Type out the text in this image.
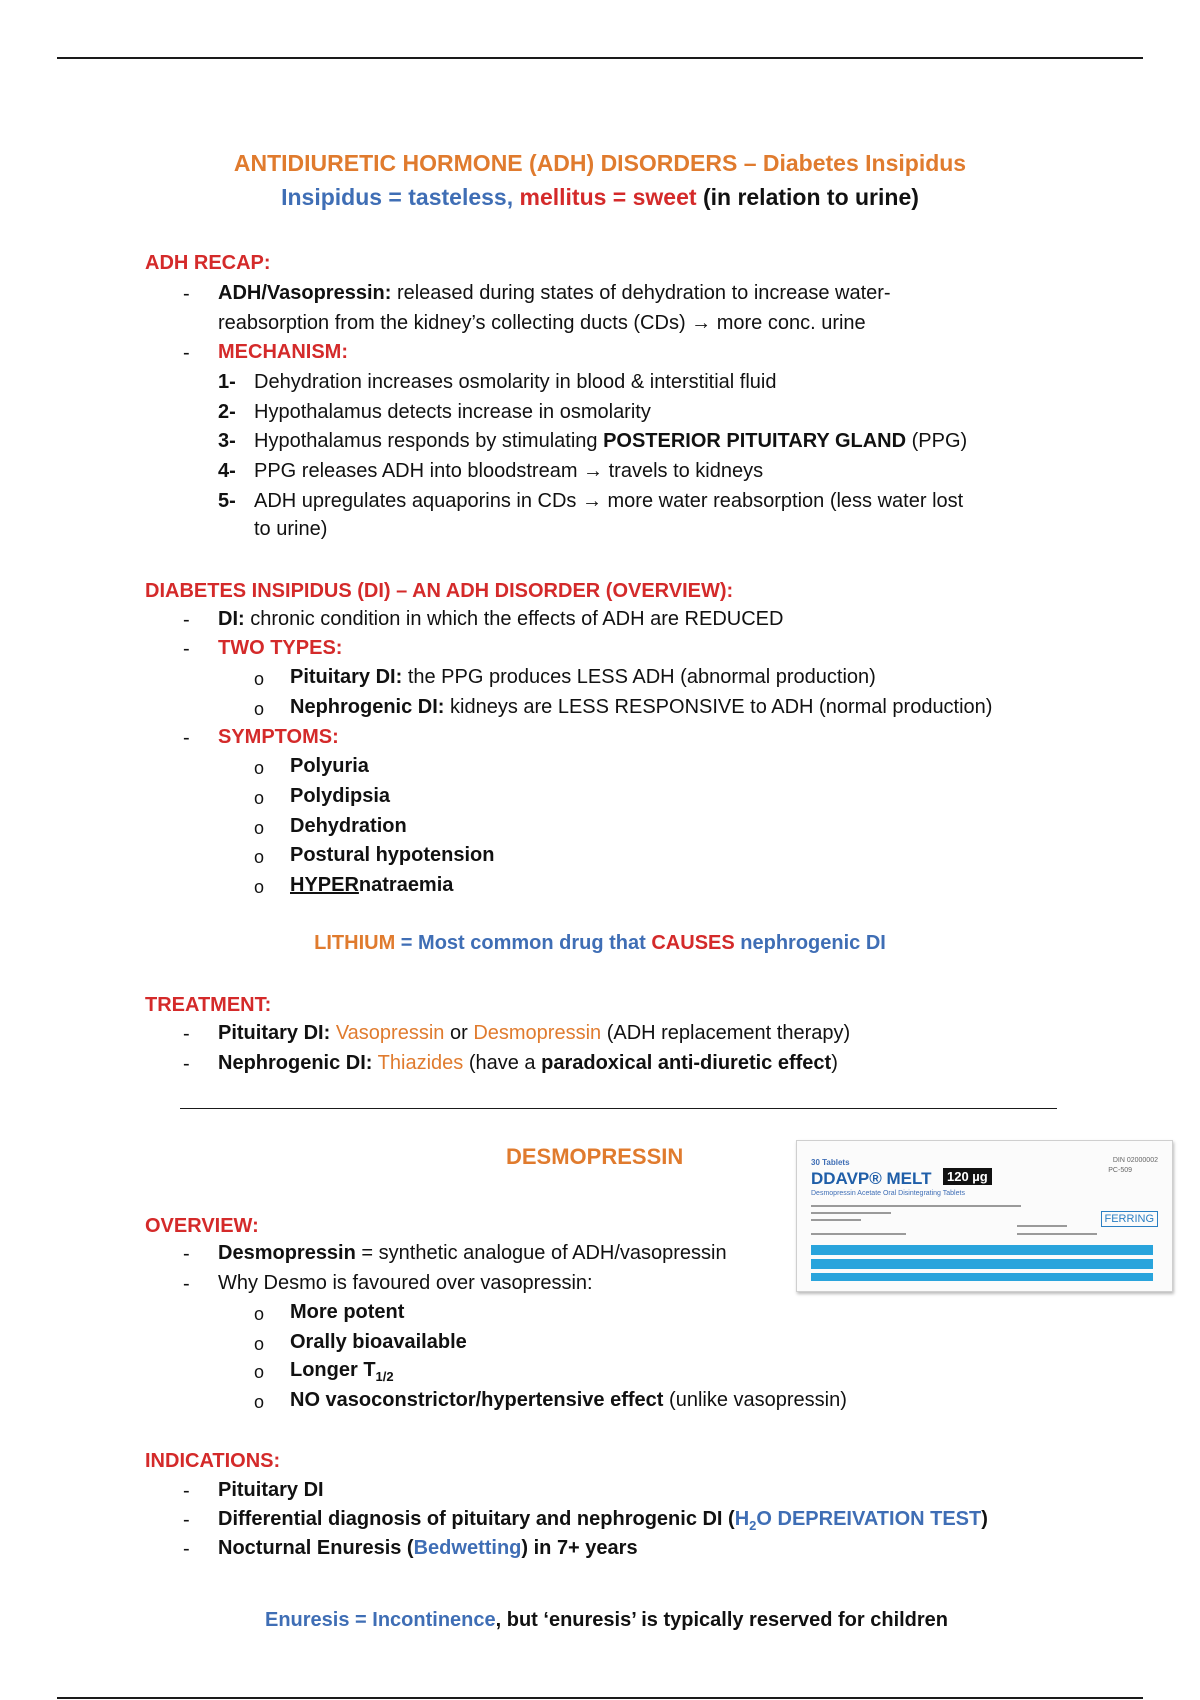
ANTIDIURETIC HORMONE (ADH) DISORDERS – Diabetes Insipidus
Insipidus = tasteless, mellitus = sweet (in relation to urine)
ADH RECAP:
- ADH/Vasopressin: released during states of dehydration to increase water-
reabsorption from the kidney’s collecting ducts (CDs) → more conc. urine
- MECHANISM:
1- Dehydration increases osmolarity in blood & interstitial fluid
2- Hypothalamus detects increase in osmolarity
3- Hypothalamus responds by stimulating POSTERIOR PITUITARY GLAND (PPG)
4- PPG releases ADH into bloodstream → travels to kidneys
5- ADH upregulates aquaporins in CDs → more water reabsorption (less water lost
to urine)
DIABETES INSIPIDUS (DI) – AN ADH DISORDER (OVERVIEW):
- DI: chronic condition in which the effects of ADH are REDUCED
- TWO TYPES:
o Pituitary DI: the PPG produces LESS ADH (abnormal production)
o Nephrogenic DI: kidneys are LESS RESPONSIVE to ADH (normal production)
- SYMPTOMS:
o Polyuria
o Polydipsia
o Dehydration
o Postural hypotension
o HYPERnatraemia
LITHIUM = Most common drug that CAUSES nephrogenic DI
TREATMENT:
- Pituitary DI: Vasopressin or Desmopressin (ADH replacement therapy)
- Nephrogenic DI: Thiazides (have a paradoxical anti-diuretic effect)
DESMOPRESSIN	30 Tablets
DDAVP® MELT	120 µg
Desmopressin Acetate Oral Disintegrating Tablets
DIN 02000002
PC-509
FERRING
OVERVIEW:
- Desmopressin = synthetic analogue of ADH/vasopressin
- Why Desmo is favoured over vasopressin:
o More potent
o Orally bioavailable
o Longer $T_{1/2}$
o NO vasoconstrictor/hypertensive effect (unlike vasopressin)
INDICATIONS:
- Pituitary DI
- Differential diagnosis of pituitary and nephrogenic DI ($H_2O$ DEPREIVATION TEST)
- Nocturnal Enuresis (Bedwetting) in 7+ years
Enuresis = Incontinence, but ‘enuresis’ is typically reserved for children
